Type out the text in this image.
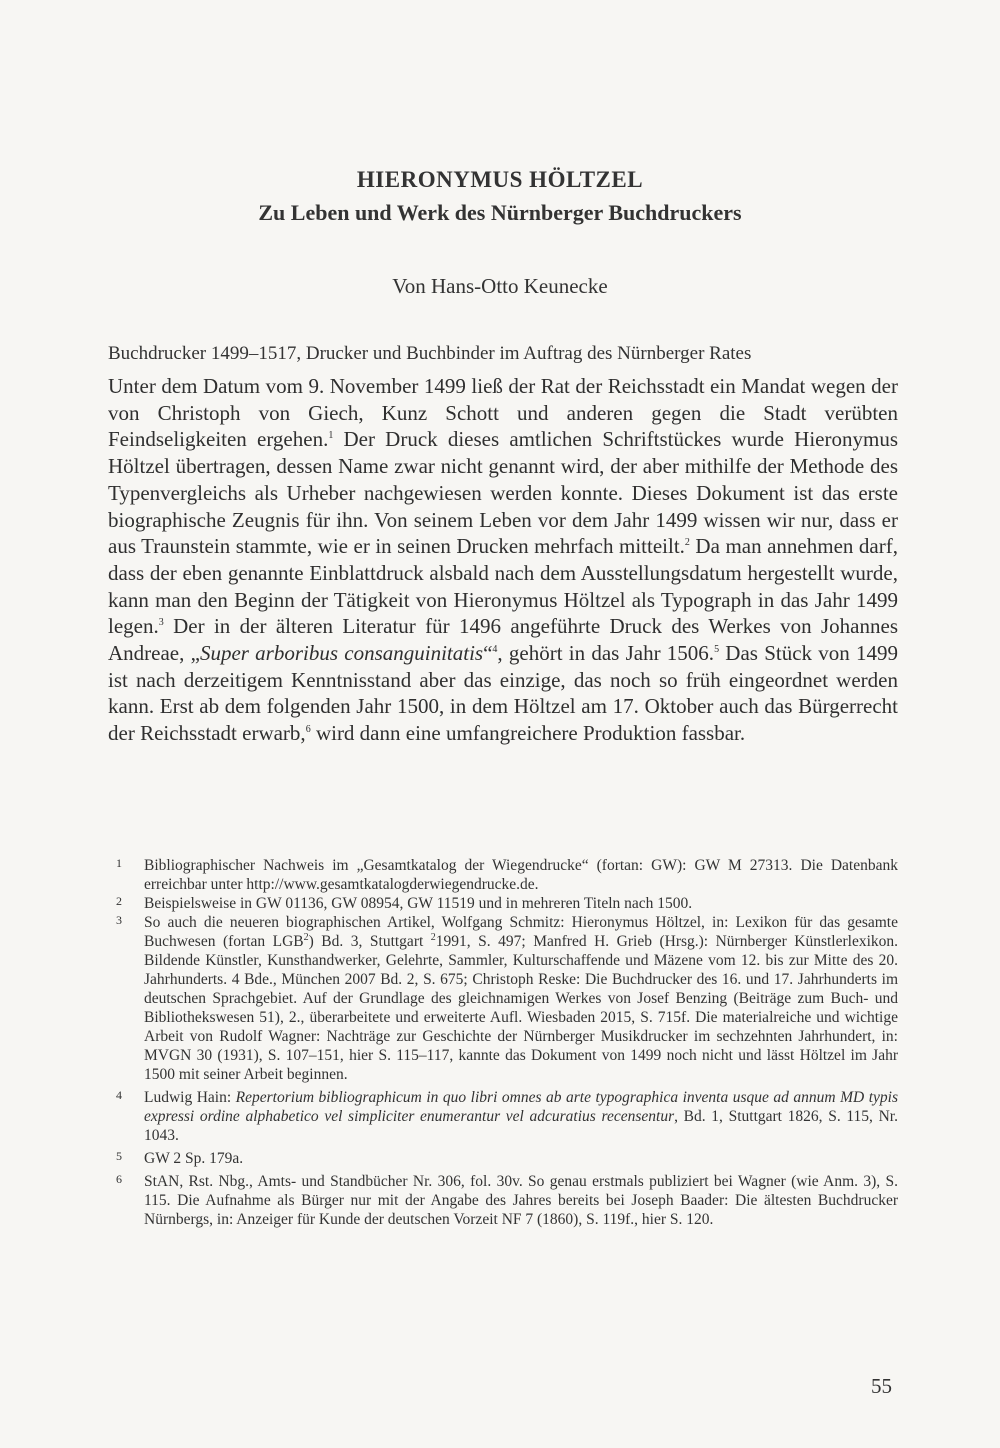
HIERONYMUS HÖLTZEL
Zu Leben und Werk des Nürnberger Buchdruckers
Von Hans-Otto Keunecke
Buchdrucker 1499–1517, Drucker und Buchbinder im Auftrag des Nürnberger Rates

Unter dem Datum vom 9. November 1499 ließ der Rat der Reichsstadt ein Mandat wegen der von Christoph von Giech, Kunz Schott und anderen gegen die Stadt verübten Feindseligkeiten ergehen.$^1$ Der Druck dieses amtlichen Schriftstückes wurde Hieronymus Höltzel übertragen, dessen Name zwar nicht genannt wird, der aber mithilfe der Methode des Typenvergleichs als Urheber nachgewiesen werden konnte. Dieses Dokument ist das erste biographische Zeugnis für ihn. Von seinem Leben vor dem Jahr 1499 wissen wir nur, dass er aus Traunstein stammte, wie er in seinen Drucken mehrfach mitteilt.$^2$ Da man annehmen darf, dass der eben genannte Einblattdruck alsbald nach dem Ausstellungsdatum hergestellt wurde, kann man den Beginn der Tätigkeit von Hieronymus Höltzel als Typograph in das Jahr 1499 legen.$^3$ Der in der älteren Literatur für 1496 angeführte Druck des Werkes von Johannes Andreae, „Super arboribus consanguinitatis“$^4$, gehört in das Jahr 1506.$^5$ Das Stück von 1499 ist nach derzeitigem Kenntnisstand aber das einzige, das noch so früh eingeordnet werden kann. Erst ab dem folgenden Jahr 1500, in dem Höltzel am 17. Oktober auch das Bürgerrecht der Reichsstadt erwarb,$^6$ wird dann eine umfangreichere Produktion fassbar.

1 Bibliographischer Nachweis im „Gesamtkatalog der Wiegendrucke“ (fortan: GW): GW M 27313. Die Datenbank erreichbar unter http://www.gesamtkatalogderwiegendrucke.de.
2 Beispielsweise in GW 01136, GW 08954, GW 11519 und in mehreren Titeln nach 1500.
3 So auch die neueren biographischen Artikel, Wolfgang Schmitz: Hieronymus Höltzel, in: Lexikon für das gesamte Buchwesen (fortan LGB$^2$) Bd. 3, Stuttgart $^2$1991, S. 497; Manfred H. Grieb (Hrsg.): Nürnberger Künstlerlexikon. Bildende Künstler, Kunsthandwerker, Gelehrte, Sammler, Kulturschaffende und Mäzene vom 12. bis zur Mitte des 20. Jahrhunderts. 4 Bde., München 2007 Bd. 2, S. 675; Christoph Reske: Die Buchdrucker des 16. und 17. Jahrhunderts im deutschen Sprachgebiet. Auf der Grundlage des gleichnamigen Werkes von Josef Benzing (Beiträge zum Buch- und Bibliothekswesen 51), 2., überarbeitete und erweiterte Aufl. Wiesbaden 2015, S. 715f. Die materialreiche und wichtige Arbeit von Rudolf Wagner: Nachträge zur Geschichte der Nürnberger Musikdrucker im sechzehnten Jahrhundert, in: MVGN 30 (1931), S. 107–151, hier S. 115–117, kannte das Dokument von 1499 noch nicht und lässt Höltzel im Jahr 1500 mit seiner Arbeit beginnen.
4 Ludwig Hain: Repertorium bibliographicum in quo libri omnes ab arte typographica inventa usque ad annum MD typis expressi ordine alphabetico vel simpliciter enumerantur vel adcuratius recensentur, Bd. 1, Stuttgart 1826, S. 115, Nr. 1043.
5 GW 2 Sp. 179a.
6 StAN, Rst. Nbg., Amts- und Standbücher Nr. 306, fol. 30v. So genau erstmals publiziert bei Wagner (wie Anm. 3), S. 115. Die Aufnahme als Bürger nur mit der Angabe des Jahres bereits bei Joseph Baader: Die ältesten Buchdrucker Nürnbergs, in: Anzeiger für Kunde der deutschen Vorzeit NF 7 (1860), S. 119f., hier S. 120.
55
